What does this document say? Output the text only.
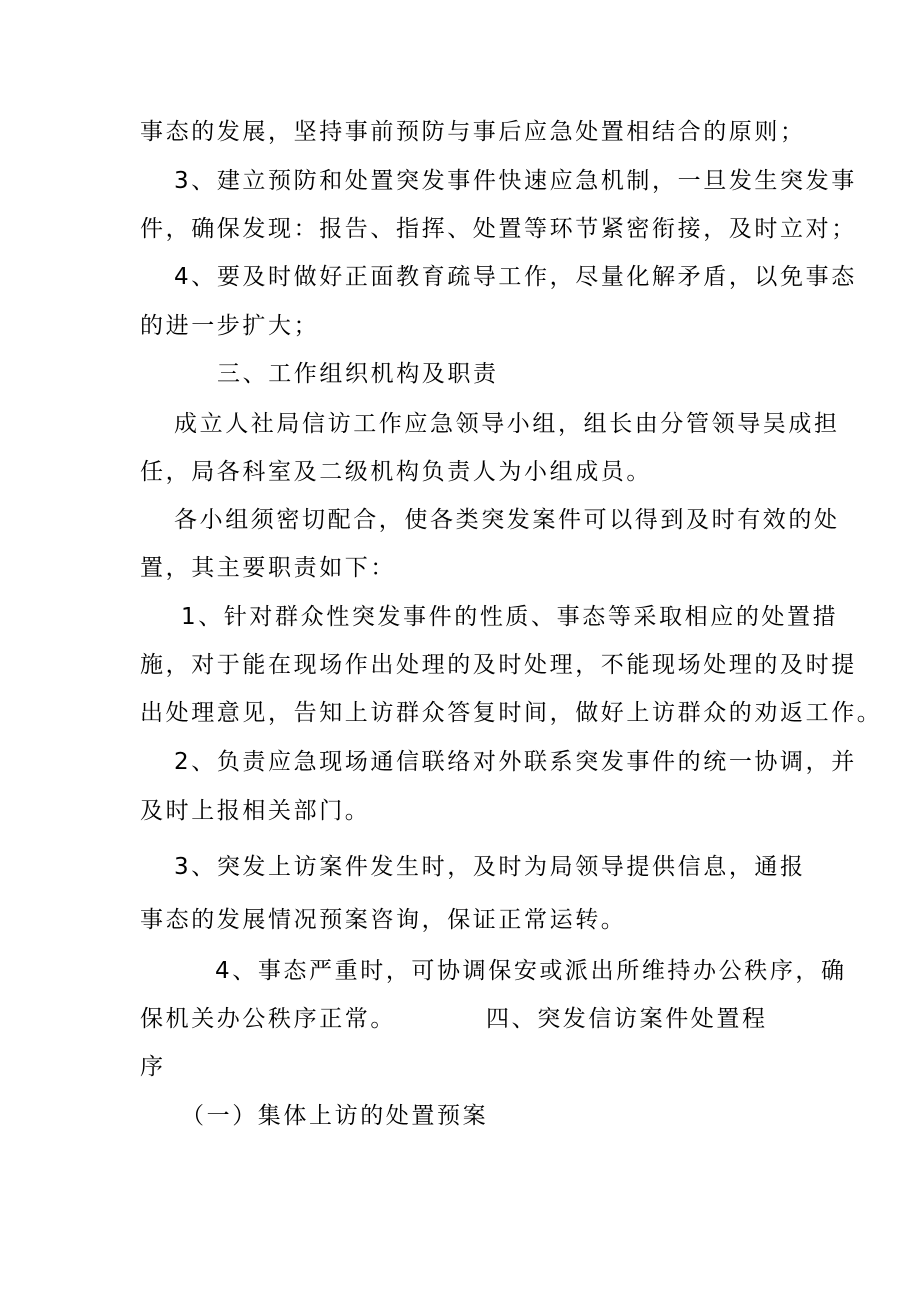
事态的发展，坚持事前预防与事后应急处置相结合的原则；
3、建立预防和处置突发事件快速应急机制，一旦发生突发事
件，确保发现：报告、指挥、处置等环节紧密衔接，及时立对；
4、要及时做好正面教育疏导工作，尽量化解矛盾，以免事态
的进一步扩大；
三、工作组织机构及职责
成立人社局信访工作应急领导小组，组长由分管领导吴成担
任，局各科室及二级机构负责人为小组成员。
各小组须密切配合，使各类突发案件可以得到及时有效的处
置，其主要职责如下：
1、针对群众性突发事件的性质、事态等采取相应的处置措
施，对于能在现场作出处理的及时处理，不能现场处理的及时提
出处理意见，告知上访群众答复时间，做好上访群众的劝返工作。
2、负责应急现场通信联络对外联系突发事件的统一协调，并
及时上报相关部门。
3、突发上访案件发生时，及时为局领导提供信息，通报
事态的发展情况预案咨询，保证正常运转。
4、事态严重时，可协调保安或派出所维持办公秩序，确
保机关办公秩序正常。	四、突发信访案件处置程
序
（一）集体上访的处置预案
